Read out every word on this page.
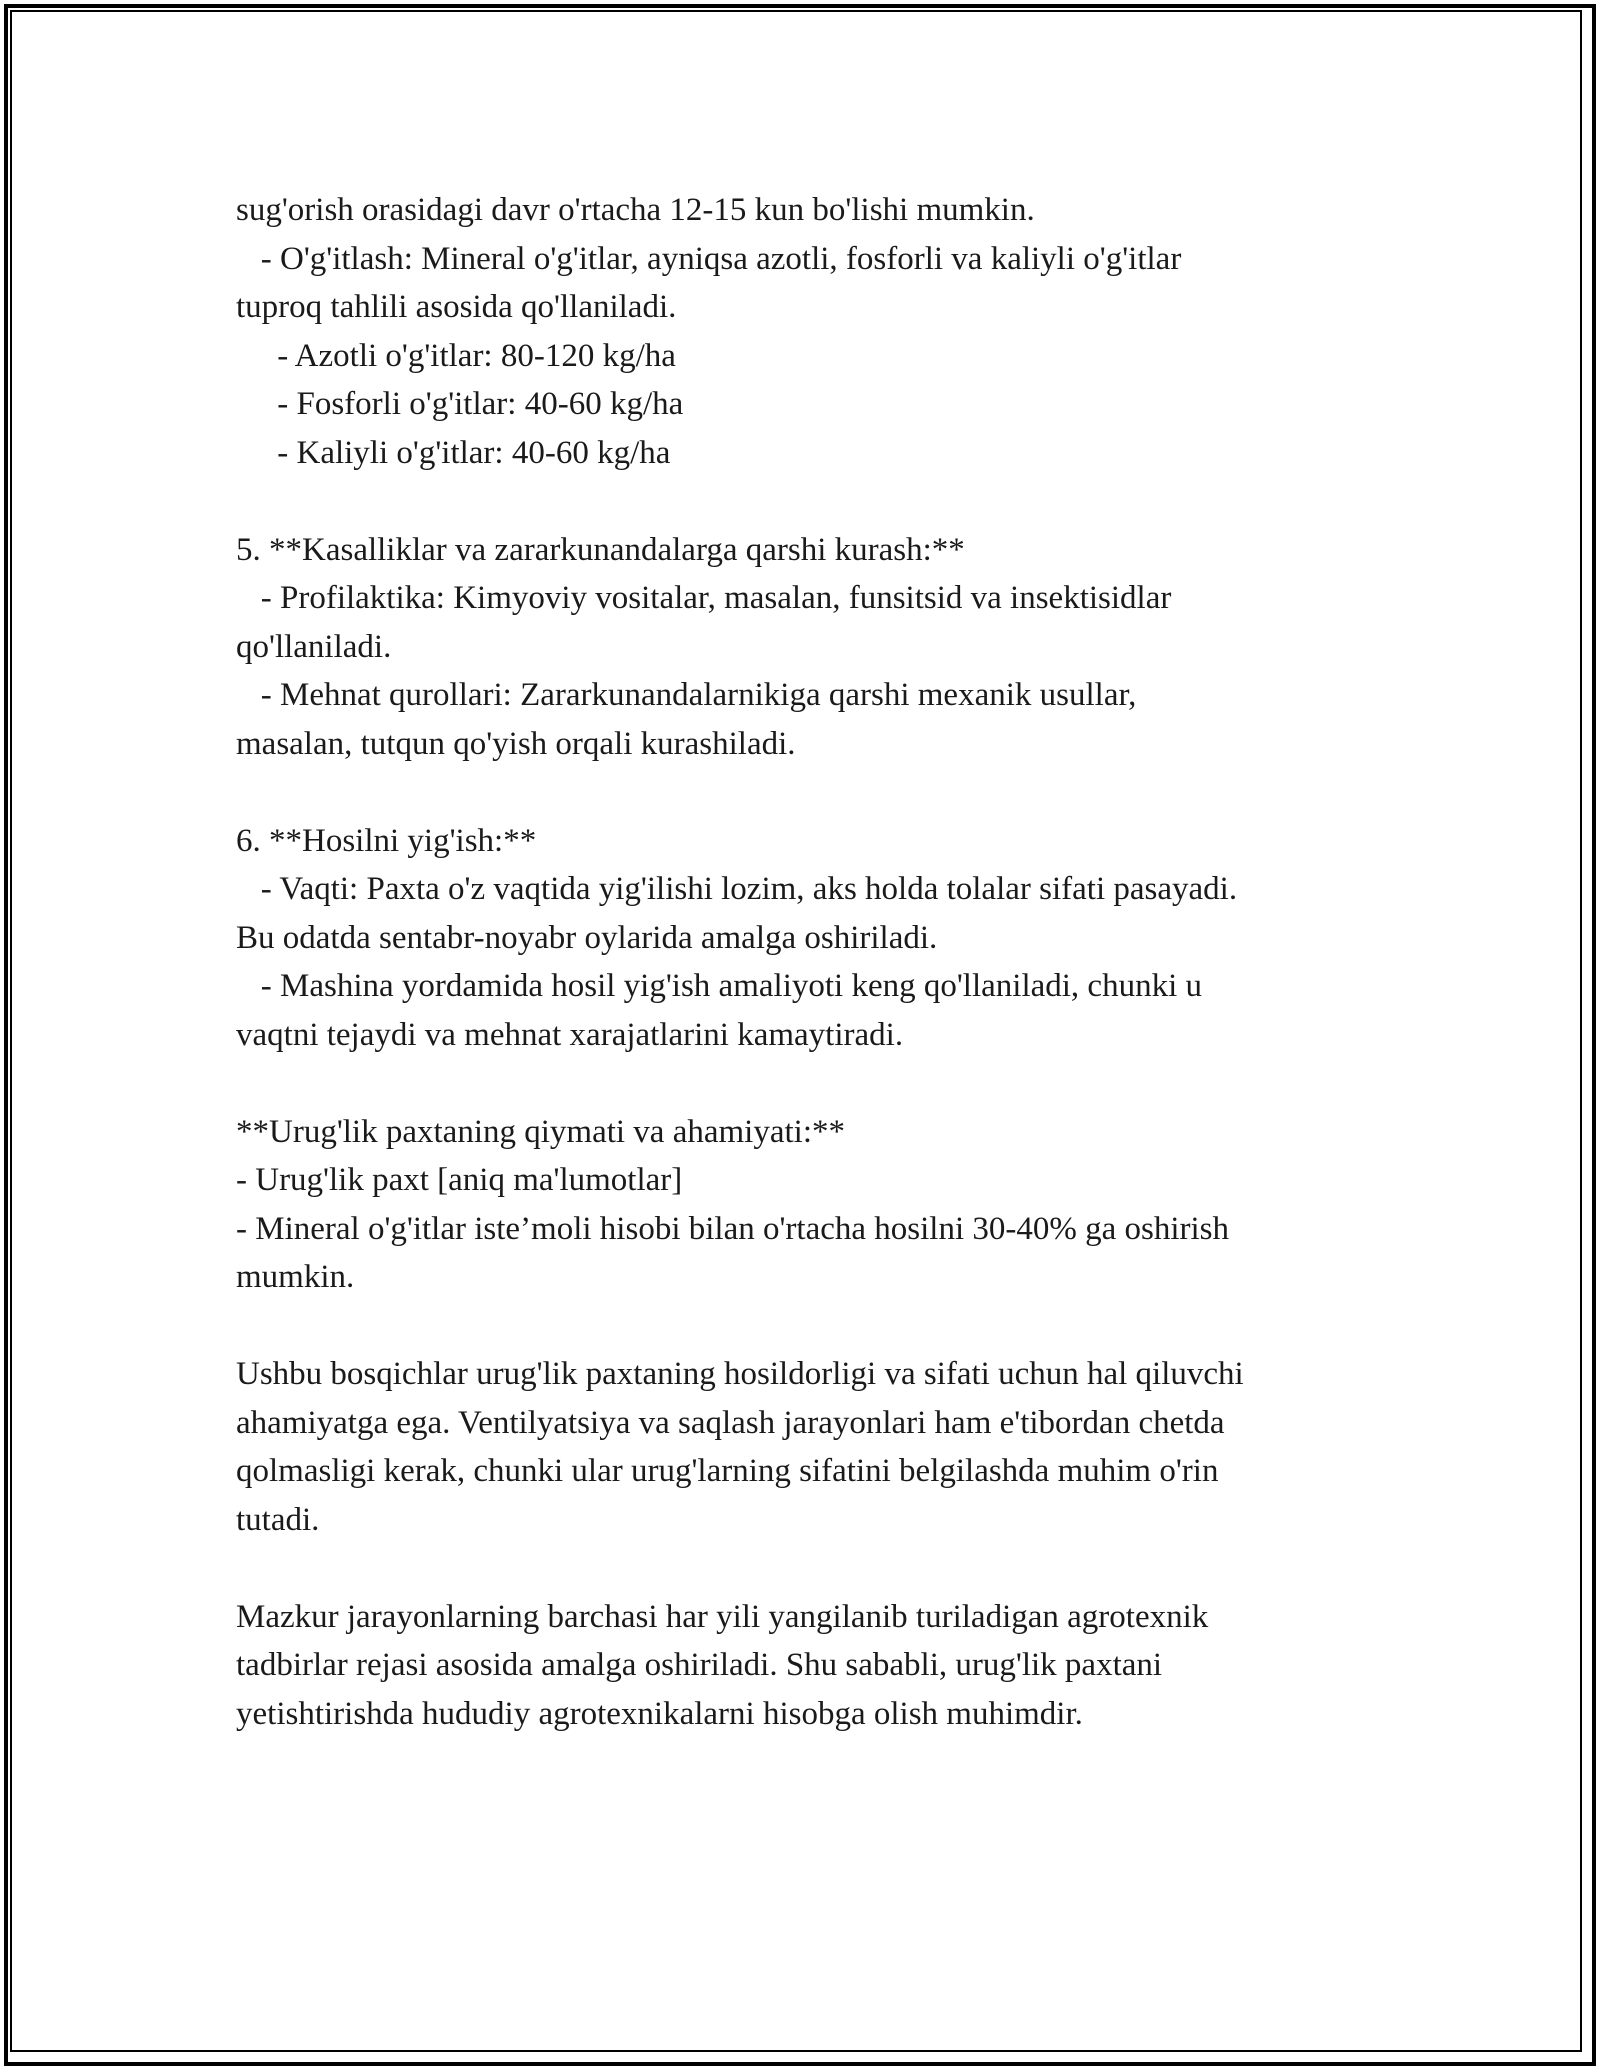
sug'orish orasidagi davr o'rtacha 12-15 kun bo'lishi mumkin.
- O'g'itlash: Mineral o'g'itlar, ayniqsa azotli, fosforli va kaliyli o'g'itlar
tuproq tahlili asosida qo'llaniladi.
- Azotli o'g'itlar: 80-120 kg/ha
- Fosforli o'g'itlar: 40-60 kg/ha
- Kaliyli o'g'itlar: 40-60 kg/ha
5. **Kasalliklar va zararkunandalarga qarshi kurash:**
- Profilaktika: Kimyoviy vositalar, masalan, funsitsid va insektisidlar
qo'llaniladi.
- Mehnat qurollari: Zararkunandalarnikiga qarshi mexanik usullar,
masalan, tutqun qo'yish orqali kurashiladi.
6. **Hosilni yig'ish:**
- Vaqti: Paxta o'z vaqtida yig'ilishi lozim, aks holda tolalar sifati pasayadi.
Bu odatda sentabr-noyabr oylarida amalga oshiriladi.
- Mashina yordamida hosil yig'ish amaliyoti keng qo'llaniladi, chunki u
vaqtni tejaydi va mehnat xarajatlarini kamaytiradi.
**Urug'lik paxtaning qiymati va ahamiyati:**
- Urug'lik paxt [aniq ma'lumotlar]
- Mineral o'g'itlar iste’moli hisobi bilan o'rtacha hosilni 30-40% ga oshirish
mumkin.
Ushbu bosqichlar urug'lik paxtaning hosildorligi va sifati uchun hal qiluvchi
ahamiyatga ega. Ventilyatsiya va saqlash jarayonlari ham e'tibordan chetda
qolmasligi kerak, chunki ular urug'larning sifatini belgilashda muhim o'rin
tutadi.
Mazkur jarayonlarning barchasi har yili yangilanib turiladigan agrotexnik
tadbirlar rejasi asosida amalga oshiriladi. Shu sababli, urug'lik paxtani
yetishtirishda hududiy agrotexnikalarni hisobga olish muhimdir.
